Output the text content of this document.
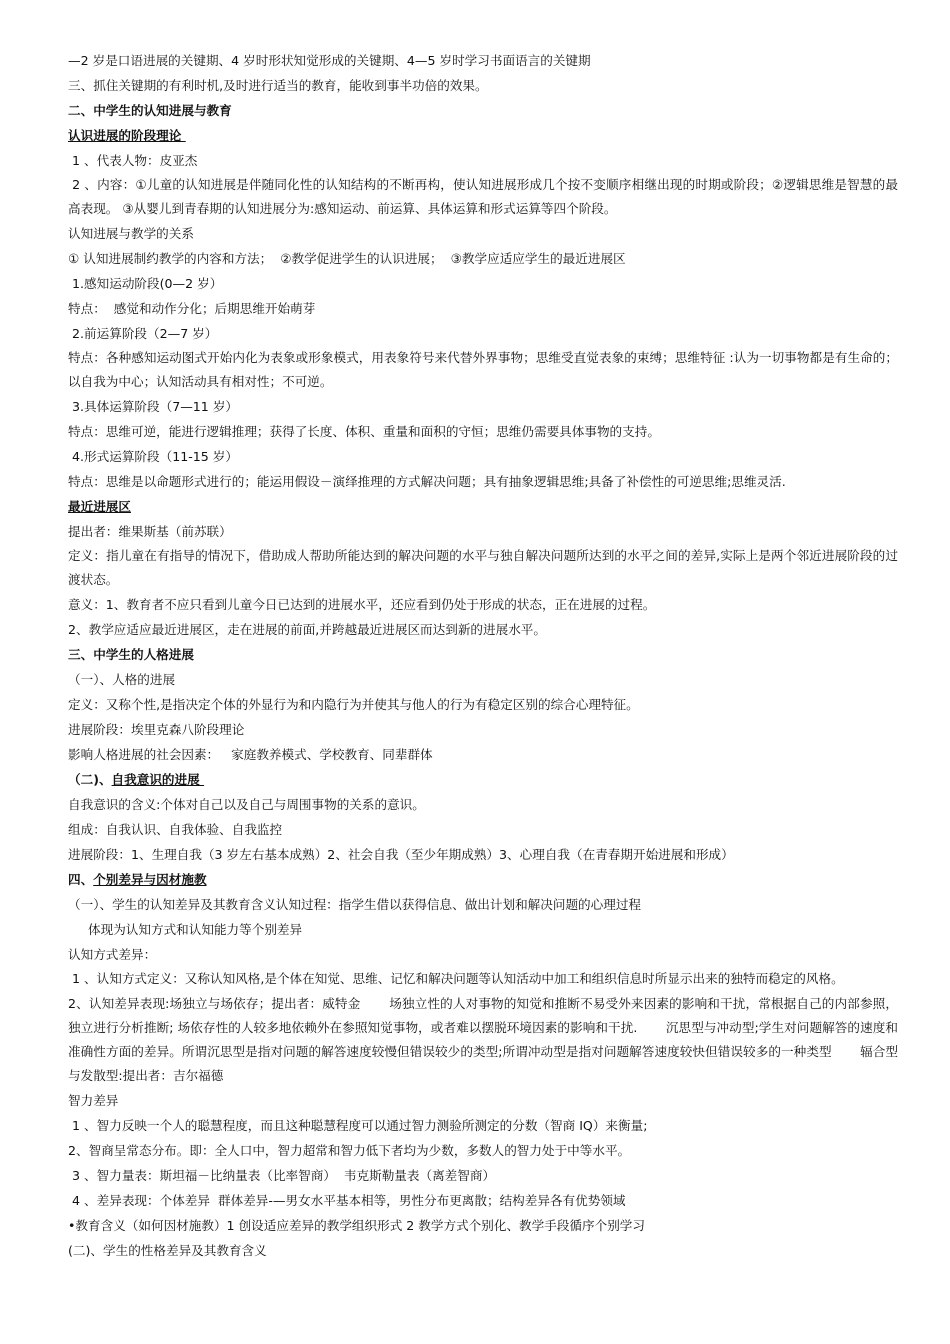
—2 岁是口语进展的关键期、4 岁时形状知觉形成的关键期、4—5 岁时学习书面语言的关键期

三、抓住关键期的有利时机,及时进行适当的教育，能收到事半功倍的效果。

二、中学生的认知进展与教育

认识进展的阶段理论

1 、代表人物：皮亚杰

2 、内容：①儿童的认知进展是伴随同化性的认知结构的不断再构，使认知进展形成几个按不变顺序相继出现的时期或阶段；②逻辑思维是智慧的最高表现。 ③从婴儿到青春期的认知进展分为:感知运动、前运算、具体运算和形式运算等四个阶段。

认知进展与教学的关系

① 认知进展制约教学的内容和方法；  ②教学促进学生的认识进展；  ③教学应适应学生的最近进展区

1.感知运动阶段(0—2 岁）

特点：  感觉和动作分化；后期思维开始萌芽

2.前运算阶段（2—7 岁）

特点：各种感知运动图式开始内化为表象或形象模式，用表象符号来代替外界事物；思维受直觉表象的束缚；思维特征 :认为一切事物都是有生命的；以自我为中心；认知活动具有相对性；不可逆。

3.具体运算阶段（7—11 岁）

特点：思维可逆，能进行逻辑推理；获得了长度、体积、重量和面积的守恒；思维仍需要具体事物的支持。

4.形式运算阶段（11-15 岁）

特点：思维是以命题形式进行的；能运用假设－演绎推理的方式解决问题；具有抽象逻辑思维;具备了补偿性的可逆思维;思维灵活.

最近进展区

提出者：维果斯基（前苏联）

定义：指儿童在有指导的情况下，借助成人帮助所能达到的解决问题的水平与独自解决问题所达到的水平之间的差异,实际上是两个邻近进展阶段的过渡状态。

意义：1、教育者不应只看到儿童今日已达到的进展水平，还应看到仍处于形成的状态，正在进展的过程。

2、教学应适应最近进展区，走在进展的前面,并跨越最近进展区而达到新的进展水平。

三、中学生的人格进展

（一）、人格的进展

定义：又称个性,是指决定个体的外显行为和内隐行为并使其与他人的行为有稳定区别的综合心理特征。

进展阶段：埃里克森八阶段理论

影响人格进展的社会因素：   家庭教养模式、学校教育、同辈群体

（二)、自我意识的进展

自我意识的含义:个体对自己以及自己与周围事物的关系的意识。

组成：自我认识、自我体验、自我监控

进展阶段：1、生理自我（3 岁左右基本成熟）2、社会自我（至少年期成熟）3、心理自我（在青春期开始进展和形成）

四、个别差异与因材施教

（一）、学生的认知差异及其教育含义认知过程：指学生借以获得信息、做出计划和解决问题的心理过程

体现为认知方式和认知能力等个别差异

认知方式差异：

1 、认知方式定义：又称认知风格,是个体在知觉、思维、记忆和解决问题等认知活动中加工和组织信息时所显示出来的独特而稳定的风格。

2、认知差异表现:场独立与场依存；提出者：威特金       场独立性的人对事物的知觉和推断不易受外来因素的影响和干扰，常根据自己的内部参照，独立进行分析推断; 场依存性的人较多地依赖外在参照知觉事物，或者难以摆脱环境因素的影响和干扰.       沉思型与冲动型;学生对问题解答的速度和准确性方面的差异。所谓沉思型是指对问题的解答速度较慢但错误较少的类型;所谓冲动型是指对问题解答速度较快但错误较多的一种类型       辐合型与发散型:提出者：吉尔福德

智力差异

1 、智力反映一个人的聪慧程度，而且这种聪慧程度可以通过智力测验所测定的分数（智商 IQ）来衡量;

2、智商呈常态分布。即：全人口中，智力超常和智力低下者均为少数，多数人的智力处于中等水平。

3 、智力量表：斯坦福－比纳量表（比率智商）  韦克斯勒量表（离差智商）

4 、差异表现：个体差异  群体差异-—男女水平基本相等，男性分布更离散；结构差异各有优势领域

•教育含义（如何因材施教）1 创设适应差异的教学组织形式 2 教学方式个别化、教学手段循序个别学习

(二)、学生的性格差异及其教育含义
